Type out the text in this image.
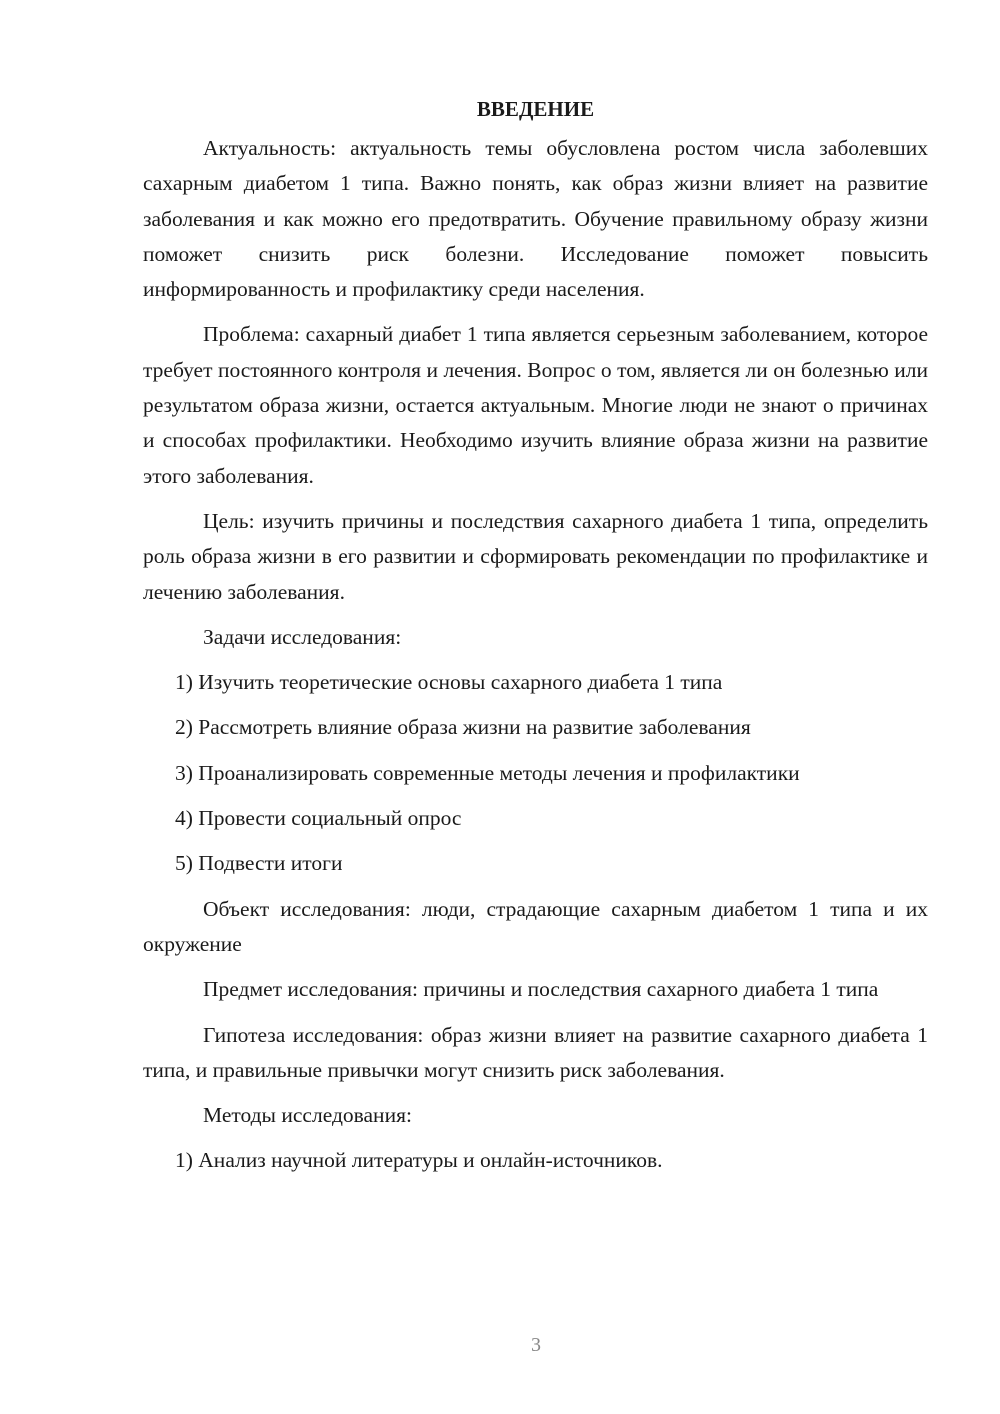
ВВЕДЕНИЕ

Актуальность: актуальность темы обусловлена ростом числа заболевших сахарным диабетом 1 типа. Важно понять, как образ жизни влияет на развитие заболевания и как можно его предотвратить. Обучение правильному образу жизни поможет снизить риск болезни. Исследование поможет повысить информированность и профилактику среди населения.

Проблема: сахарный диабет 1 типа является серьезным заболеванием, которое требует постоянного контроля и лечения. Вопрос о том, является ли он болезнью или результатом образа жизни, остается актуальным. Многие люди не знают о причинах и способах профилактики. Необходимо изучить влияние образа жизни на развитие этого заболевания.

Цель: изучить причины и последствия сахарного диабета 1 типа, определить роль образа жизни в его развитии и сформировать рекомендации по профилактике и лечению заболевания.

Задачи исследования:

1) Изучить теоретические основы сахарного диабета 1 типа
2) Рассмотреть влияние образа жизни на развитие заболевания
3) Проанализировать современные методы лечения и профилактики
4) Провести социальный опрос
5) Подвести итоги

Объект исследования: люди, страдающие сахарным диабетом 1 типа и их окружение

Предмет исследования: причины и последствия сахарного диабета 1 типа

Гипотеза исследования: образ жизни влияет на развитие сахарного диабета 1 типа, и правильные привычки могут снизить риск заболевания.

Методы исследования:

1) Анализ научной литературы и онлайн-источников.
3
